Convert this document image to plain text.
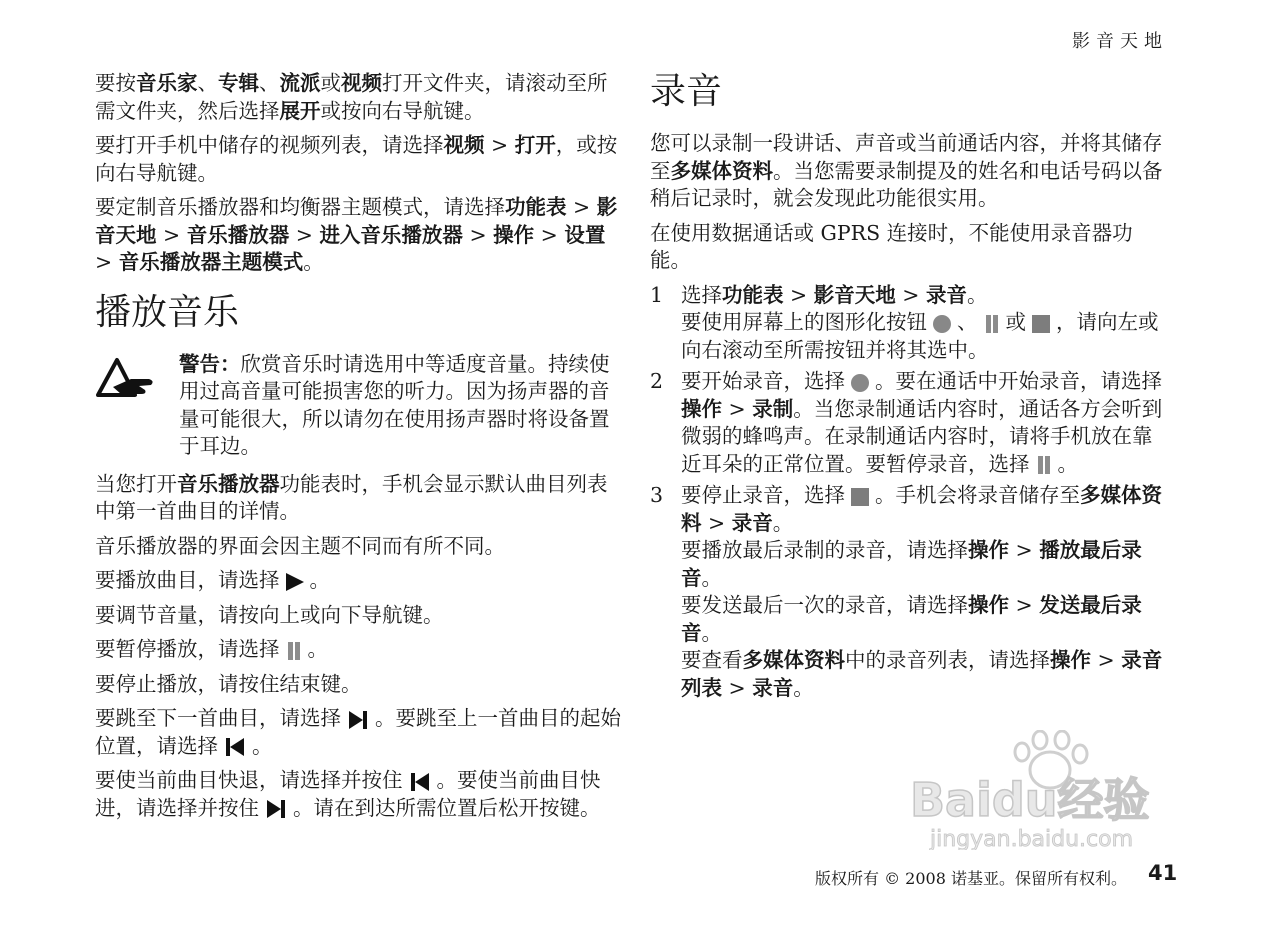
影音天地

要按音乐家、专辑、流派或视频打开文件夹，请滚动至所需文件夹，然后选择展开或按向右导航键。

要打开手机中储存的视频列表，请选择视频 > 打开，或按向右导航键。

要定制音乐播放器和均衡器主题模式，请选择功能表 > 影音天地 > 音乐播放器 > 进入音乐播放器 > 操作 > 设置 > 音乐播放器主题模式。

播放音乐
警告：欣赏音乐时请选用中等适度音量。持续使用过高音量可能损害您的听力。因为扬声器的音量可能很大，所以请勿在使用扬声器时将设备置于耳边。

当您打开音乐播放器功能表时，手机会显示默认曲目列表中第一首曲目的详情。

音乐播放器的界面会因主题不同而有所不同。

要播放曲目，请选择 。

要调节音量，请按向上或向下导航键。

要暂停播放，请选择 。

要停止播放，请按住结束键。

要跳至下一首曲目，请选择 。要跳至上一首曲目的起始位置，请选择 。

要使当前曲目快退，请选择并按住 。要使当前曲目快进，请选择并按住 。请在到达所需位置后松开按键。

录音

您可以录制一段讲话、声音或当前通话内容，并将其储存至多媒体资料。当您需要录制提及的姓名和电话号码以备稍后记录时，就会发现此功能很实用。

在使用数据通话或 GPRS 连接时，不能使用录音器功能。

1 选择功能表 > 影音天地 > 录音。
要使用屏幕上的图形化按钮 、 或 ，请向左或向右滚动至所需按钮并将其选中。
2 要开始录音，选择 。要在通话中开始录音，请选择操作 > 录制。当您录制通话内容时，通话各方会听到微弱的蜂鸣声。在录制通话内容时，请将手机放在靠近耳朵的正常位置。要暂停录音，选择 。
3 要停止录音，选择 。手机会将录音储存至多媒体资料 > 录音。
要播放最后录制的录音，请选择操作 > 播放最后录音。
要发送最后一次的录音，请选择操作 > 发送最后录音。
要查看多媒体资料中的录音列表，请选择操作 > 录音列表 > 录音。
Baidu经验
jingyan.baidu.com
版权所有 © 2008 诺基亚。保留所有权利。 41
